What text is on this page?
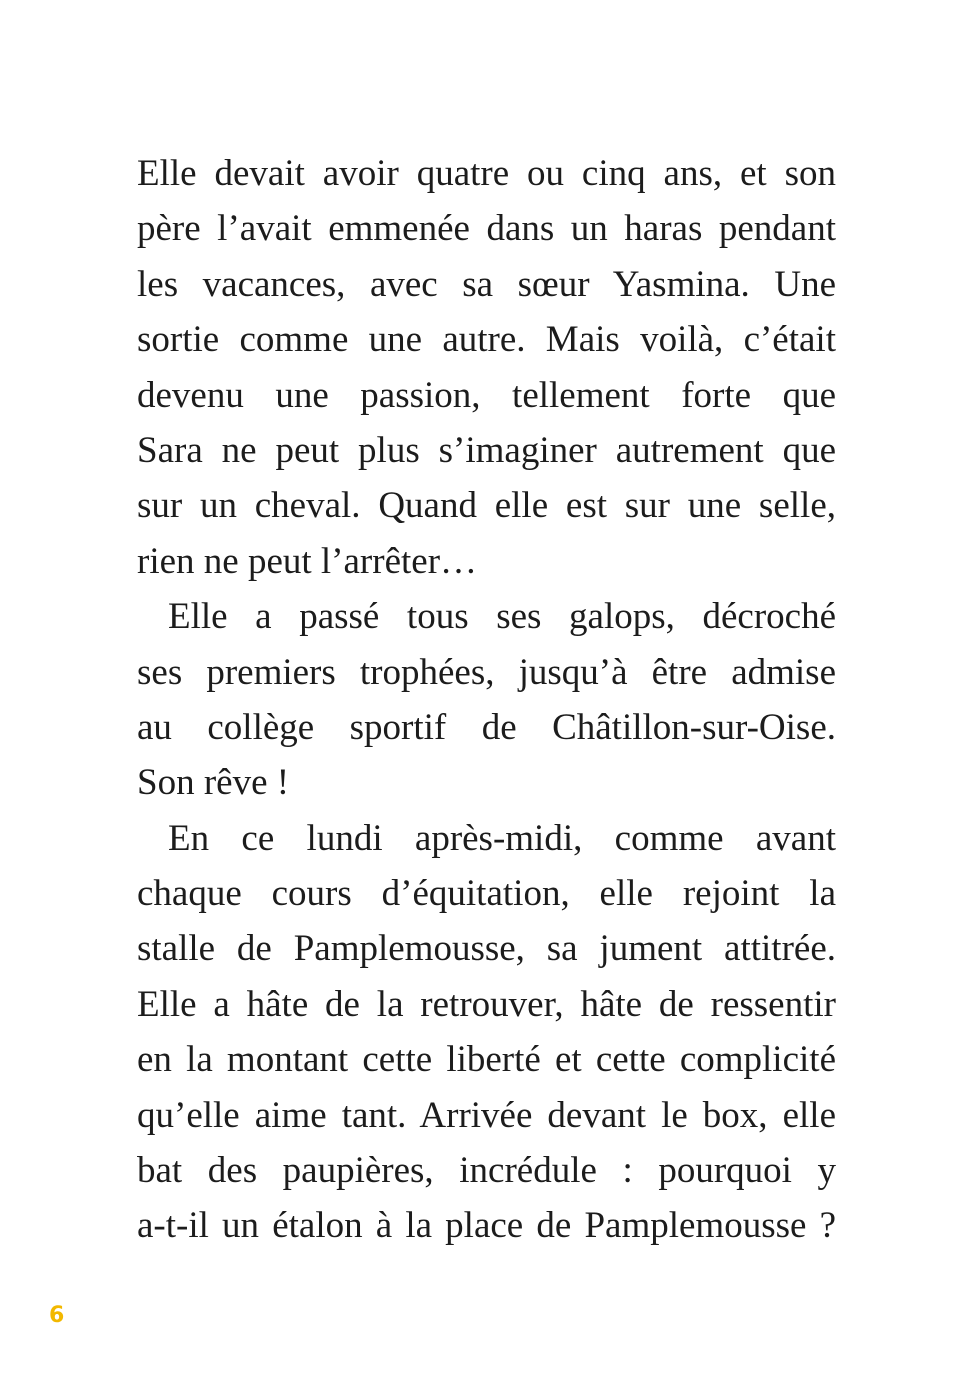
Elle devait avoir quatre ou cinq ans, et son
père l’avait emmenée dans un haras pendant
les vacances, avec sa sœur Yasmina. Une
sortie comme une autre. Mais voilà, c’était
devenu une passion, tellement forte que
Sara ne peut plus s’imaginer autrement que
sur un cheval. Quand elle est sur une selle,
rien ne peut l’arrêter…
Elle a passé tous ses galops, décroché
ses premiers trophées, jusqu’à être admise
au collège sportif de Châtillon-sur-Oise.
Son rêve !
En ce lundi après-midi, comme avant
chaque cours d’équitation, elle rejoint la
stalle de Pamplemousse, sa jument attitrée.
Elle a hâte de la retrouver, hâte de ressentir
en la montant cette liberté et cette complicité
qu’elle aime tant. Arrivée devant le box, elle
bat des paupières, incrédule : pourquoi y
a-t-il un étalon à la place de Pamplemousse ?
6
